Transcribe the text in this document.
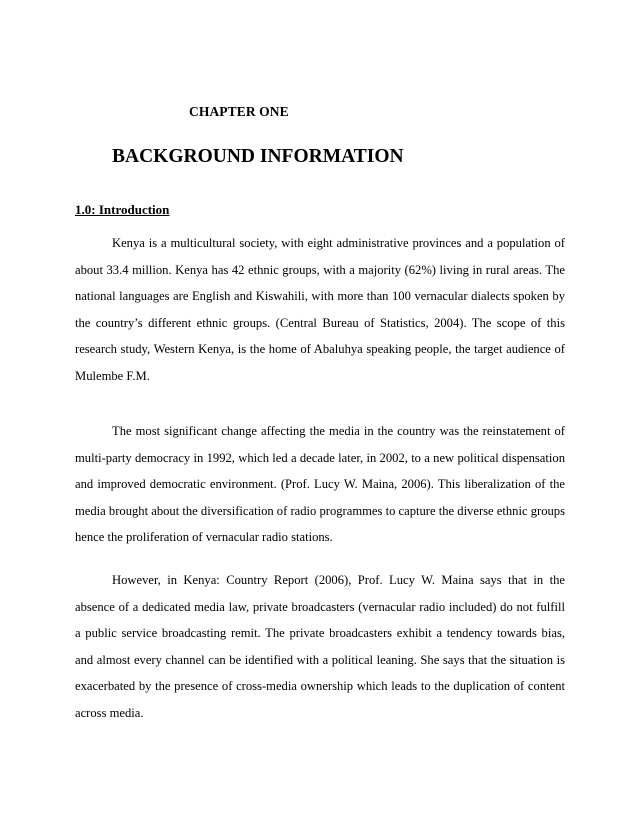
CHAPTER ONE
BACKGROUND INFORMATION
1.0: Introduction
Kenya is a multicultural society, with eight administrative provinces and a population of
about 33.4 million. Kenya has 42 ethnic groups, with a majority (62%) living in rural areas. The
national languages are English and Kiswahili, with more than 100 vernacular dialects spoken by
the country’s different ethnic groups. (Central Bureau of Statistics, 2004). The scope of this
research study, Western Kenya, is the home of Abaluhya speaking people, the target audience of
Mulembe F.M.
The most significant change affecting the media in the country was the reinstatement of
multi-party democracy in 1992, which led a decade later, in 2002, to a new political dispensation
and improved democratic environment. (Prof. Lucy W. Maina, 2006). This liberalization of the
media brought about the diversification of radio programmes to capture the diverse ethnic groups
hence the proliferation of vernacular radio stations.
However, in Kenya: Country Report (2006), Prof. Lucy W. Maina says that in the
absence of a dedicated media law, private broadcasters (vernacular radio included) do not fulfill
a public service broadcasting remit. The private broadcasters exhibit a tendency towards bias,
and almost every channel can be identified with a political leaning. She says that the situation is
exacerbated by the presence of cross-media ownership which leads to the duplication of content
across media.
